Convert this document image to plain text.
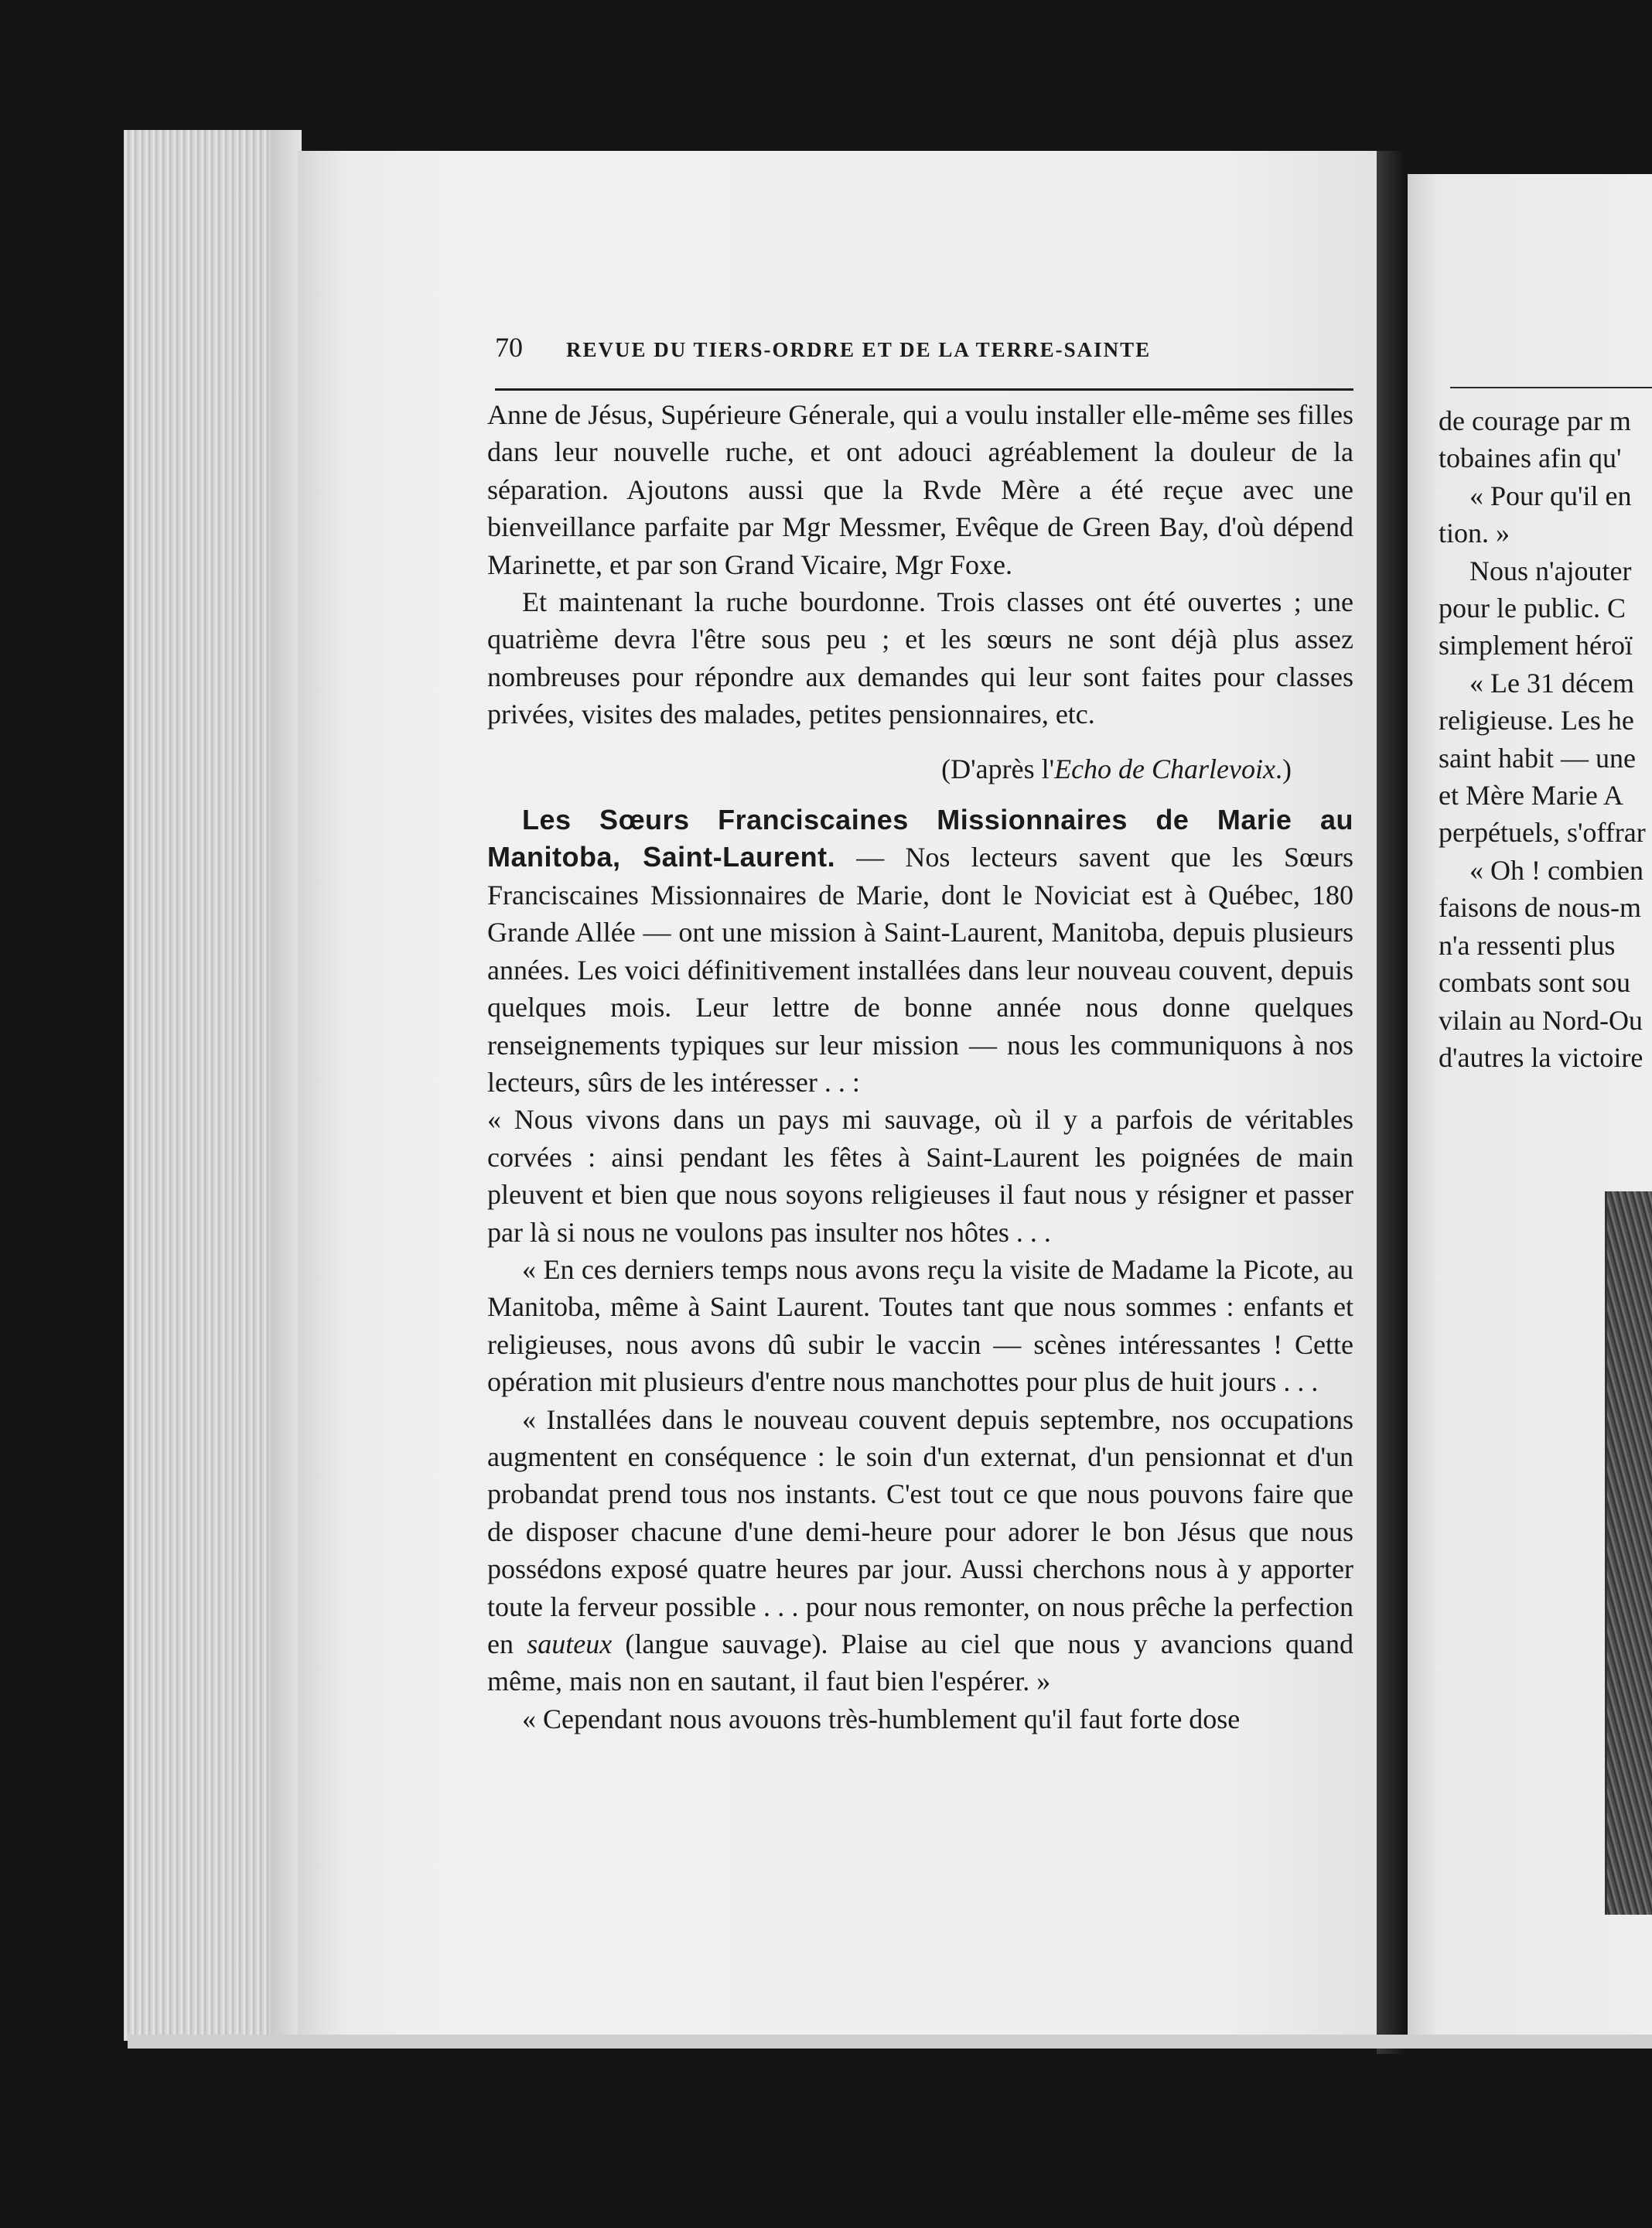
70 REVUE DU TIERS-ORDRE ET DE LA TERRE-SAINTE

Anne de Jésus, Supérieure Génerale, qui a voulu installer elle-même ses filles dans leur nouvelle ruche, et ont adouci agréablement la douleur de la séparation. Ajoutons aussi que la Rvde Mère a été reçue avec une bienveillance parfaite par Mgr Messmer, Evêque de Green Bay, d'où dépend Marinette, et par son Grand Vicaire, Mgr Foxe.

Et maintenant la ruche bourdonne. Trois classes ont été ouvertes ; une quatrième devra l'être sous peu ; et les sœurs ne sont déjà plus assez nombreuses pour répondre aux demandes qui leur sont faites pour classes privées, visites des malades, petites pensionnaires, etc.

(D'après l'Echo de Charlevoix.)

Les Sœurs Franciscaines Missionnaires de Marie au Manitoba, Saint-Laurent. — Nos lecteurs savent que les Sœurs Franciscaines Missionnaires de Marie, dont le Noviciat est à Québec, 180 Grande Allée — ont une mission à Saint-Laurent, Manitoba, depuis plusieurs années. Les voici définitivement installées dans leur nouveau couvent, depuis quelques mois. Leur lettre de bonne année nous donne quelques renseignements typiques sur leur mission — nous les communiquons à nos lecteurs, sûrs de les intéresser . . :

« Nous vivons dans un pays mi sauvage, où il y a parfois de véritables corvées : ainsi pendant les fêtes à Saint-Laurent les poignées de main pleuvent et bien que nous soyons religieuses il faut nous y résigner et passer par là si nous ne voulons pas insulter nos hôtes . . .

« En ces derniers temps nous avons reçu la visite de Madame la Picote, au Manitoba, même à Saint Laurent. Toutes tant que nous sommes : enfants et religieuses, nous avons dû subir le vaccin — scènes intéressantes ! Cette opération mit plusieurs d'entre nous manchottes pour plus de huit jours . . .

« Installées dans le nouveau couvent depuis septembre, nos occupations augmentent en conséquence : le soin d'un externat, d'un pensionnat et d'un probandat prend tous nos instants. C'est tout ce que nous pouvons faire que de disposer chacune d'une demi-heure pour adorer le bon Jésus que nous possédons exposé quatre heures par jour. Aussi cherchons nous à y apporter toute la ferveur possible . . . pour nous remonter, on nous prêche la perfection en sauteux (langue sauvage). Plaise au ciel que nous y avancions quand même, mais non en sautant, il faut bien l'espérer. »

« Cependant nous avouons très-humblement qu'il faut forte dose

de courage par m
tobaines afin qu'
« Pour qu'il en
tion. »
Nous n'ajouter
pour le public. C
simplement héroï
« Le 31 décem
religieuse. Les he
saint habit — une
et Mère Marie A
perpétuels, s'offrar
« Oh ! combien
faisons de nous-m
n'a ressenti plus
combats sont sou
vilain au Nord-Ou
d'autres la victoire
